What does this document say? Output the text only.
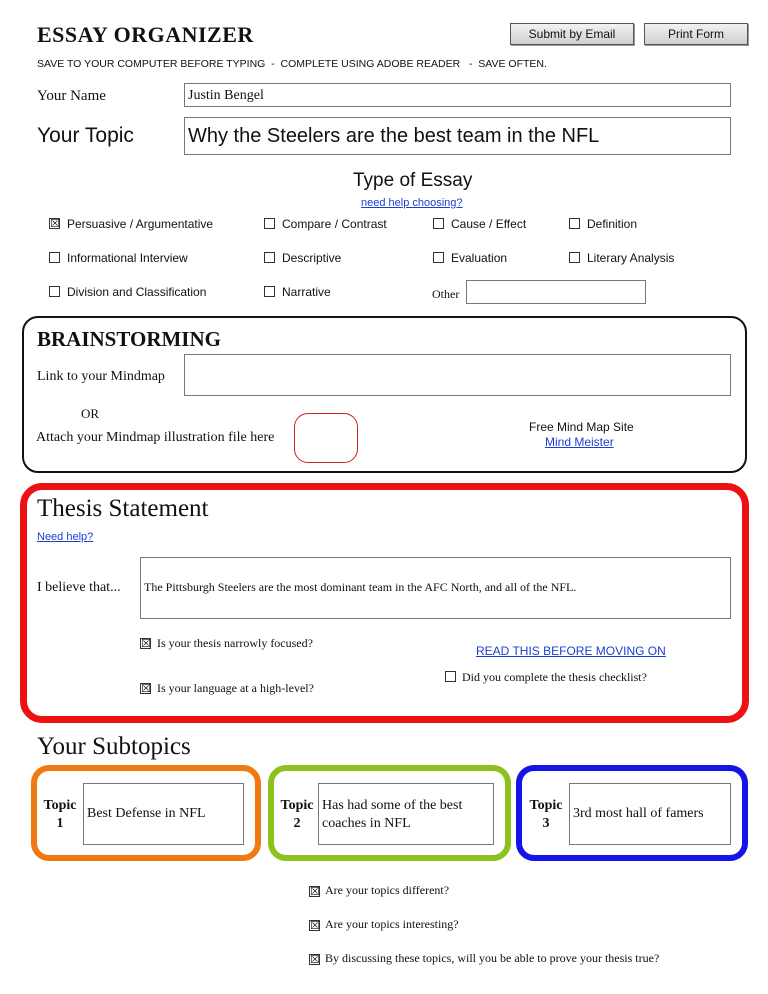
ESSAY ORGANIZER	Submit by Email	Print Form
SAVE TO YOUR COMPUTER BEFORE TYPING  -  COMPLETE USING ADOBE READER   -  SAVE OFTEN.
Your Name	Justin Bengel
Your Topic	Why the Steelers are the best team in the NFL
Type of Essay
need help choosing?
☒ Persuasive / Argumentative	Compare / Contrast	Cause / Effect	Definition
Informational Interview	Descriptive	Evaluation	Literary Analysis
Division and Classification	Narrative	Other
BRAINSTORMING
Link to your Mindmap
OR
Attach your Mindmap illustration file here
Free Mind Map Site
Mind Meister
Thesis Statement
Need help?
I believe that...	The Pittsburgh Steelers are the most dominant team in the AFC North, and all of the NFL.
☒ Is your thesis narrowly focused?
☒ Is your language at a high-level?
READ THIS BEFORE MOVING ON
Did you complete the thesis checklist?
Your Subtopics
Topic
1
Best Defense in NFL
Topic
2
Has had some of the best coaches in NFL
Topic
3
3rd most hall of famers
☒ Are your topics different?
☒ Are your topics interesting?
☒ By discussing these topics, will you be able to prove your thesis true?
